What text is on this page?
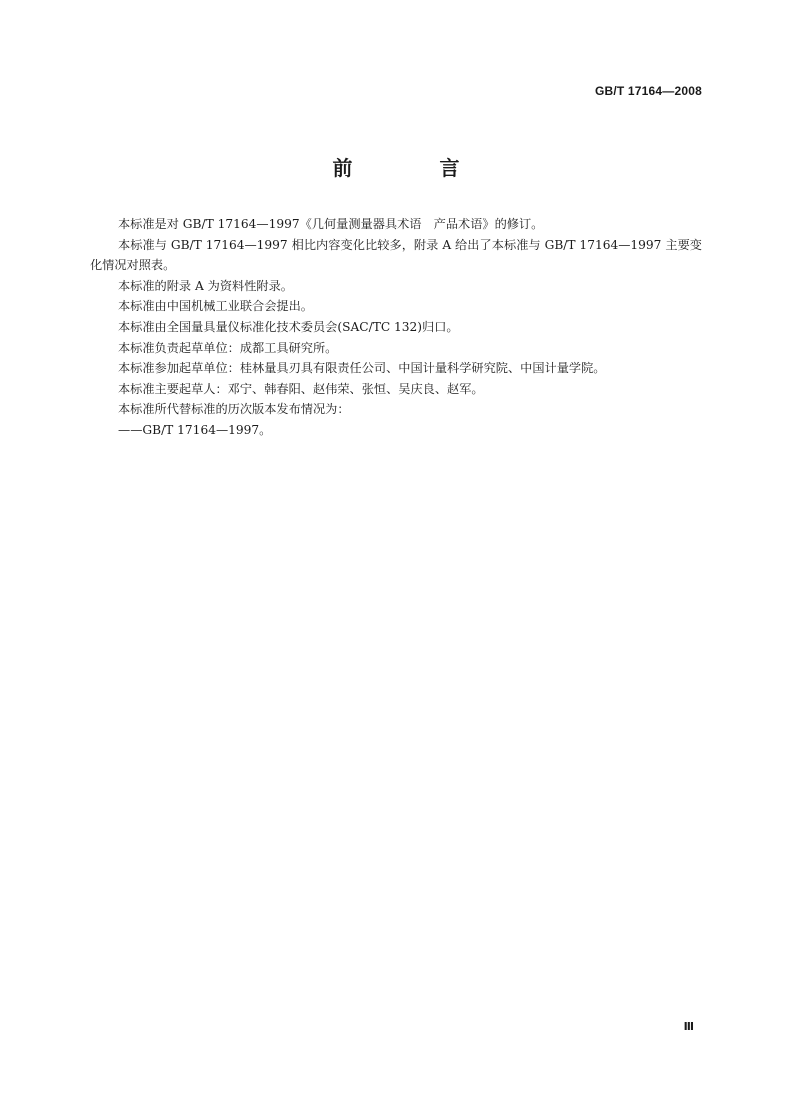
GB/T 17164—2008
前 言

本标准是对 GB/T 17164—1997《几何量测量器具术语　产品术语》的修订。

本标准与 GB/T 17164—1997 相比内容变化比较多，附录 A 给出了本标准与 GB/T 17164—1997 主要变化情况对照表。

本标准的附录 A 为资料性附录。

本标准由中国机械工业联合会提出。

本标准由全国量具量仪标准化技术委员会(SAC/TC 132)归口。

本标准负责起草单位：成都工具研究所。

本标准参加起草单位：桂林量具刃具有限责任公司、中国计量科学研究院、中国计量学院。

本标准主要起草人：邓宁、韩春阳、赵伟荣、张恒、吴庆良、赵军。

本标准所代替标准的历次版本发布情况为：

——GB/T 17164—1997。

Ⅲ
